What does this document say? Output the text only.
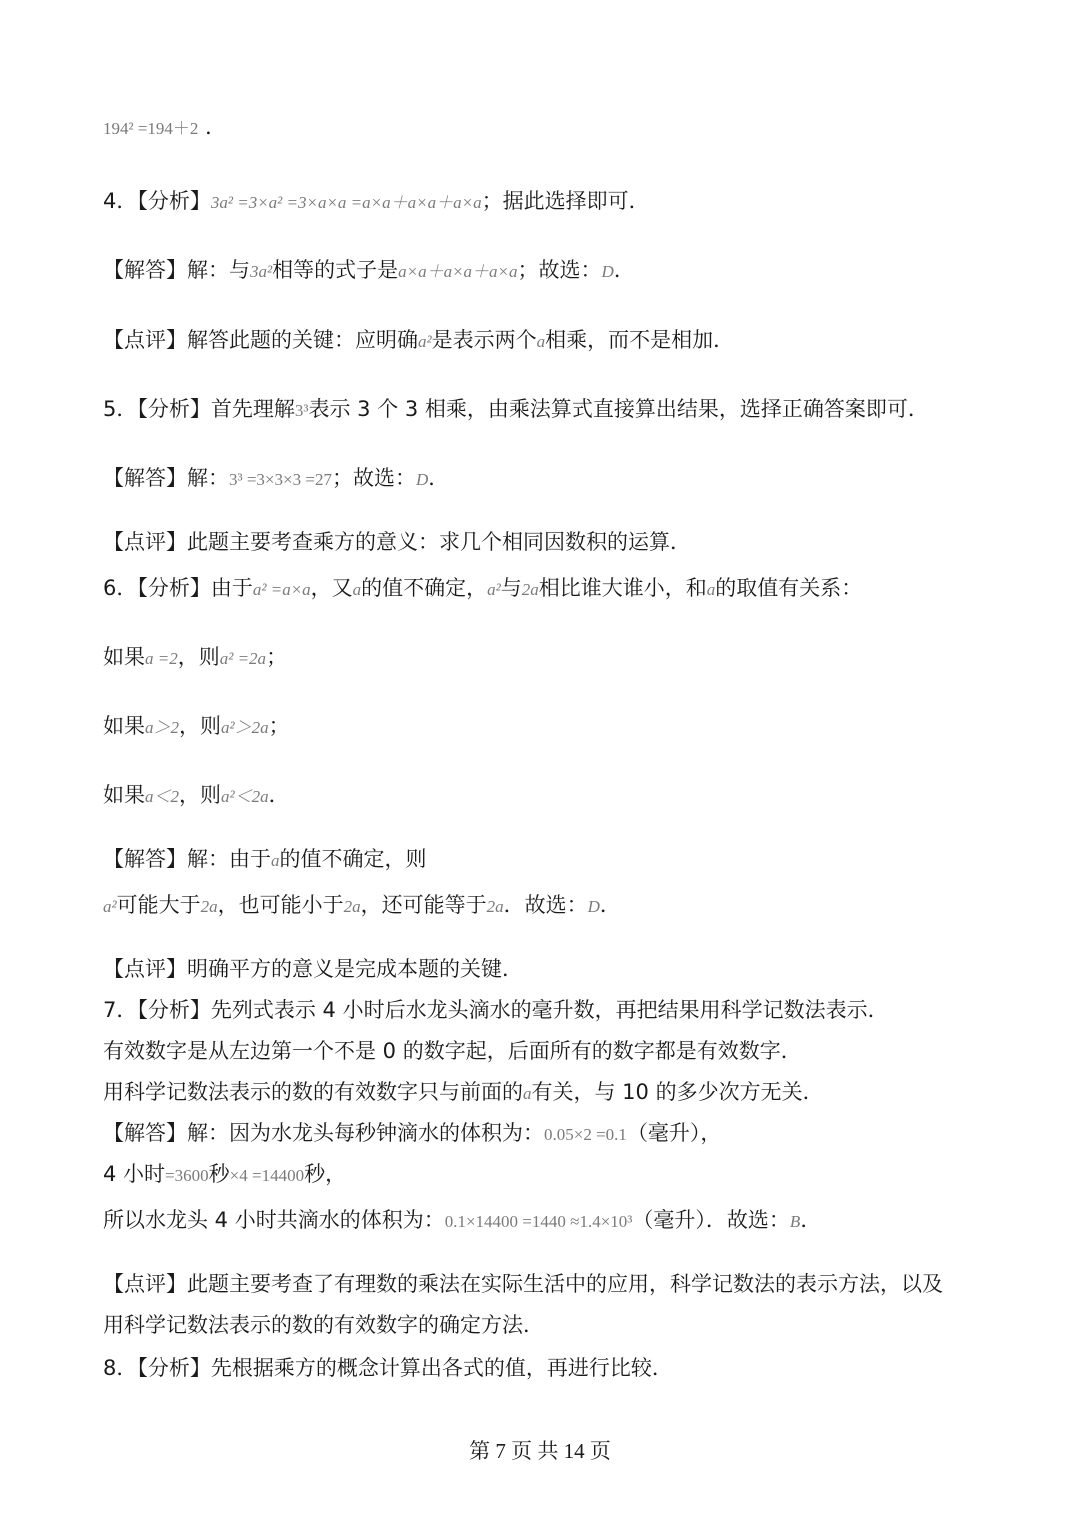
194² =194＋2 ．
4．【分析】3a² =3×a² =3×a×a =a×a＋a×a＋a×a；据此选择即可．
【解答】解：与3a²相等的式子是a×a＋a×a＋a×a；故选：D．
【点评】解答此题的关键：应明确a²是表示两个a相乘，而不是相加．
5．【分析】首先理解3³表示 3 个 3 相乘，由乘法算式直接算出结果，选择正确答案即可．
【解答】解：3³ =3×3×3 =27；故选：D．
【点评】此题主要考查乘方的意义：求几个相同因数积的运算．
6．【分析】由于a² =a×a，又a的值不确定，a²与2a相比谁大谁小，和a的取值有关系：
如果a =2，则a² =2a；
如果a＞2，则a²＞2a；
如果a＜2，则a²＜2a．
【解答】解：由于a的值不确定，则
a²可能大于2a，也可能小于2a，还可能等于2a．故选：D．
【点评】明确平方的意义是完成本题的关键．
7．【分析】先列式表示 4 小时后水龙头滴水的毫升数，再把结果用科学记数法表示．
有效数字是从左边第一个不是 0 的数字起，后面所有的数字都是有效数字．
用科学记数法表示的数的有效数字只与前面的a有关，与 10 的多少次方无关．
【解答】解：因为水龙头每秒钟滴水的体积为：0.05×2 =0.1（毫升），
4 小时=3600秒×4 =14400秒，
所以水龙头 4 小时共滴水的体积为：0.1×14400 =1440 ≈1.4×10³（毫升）．故选：B．
【点评】此题主要考查了有理数的乘法在实际生活中的应用，科学记数法的表示方法，以及
用科学记数法表示的数的有效数字的确定方法．
8．【分析】先根据乘方的概念计算出各式的值，再进行比较．
第 7 页 共 14 页
